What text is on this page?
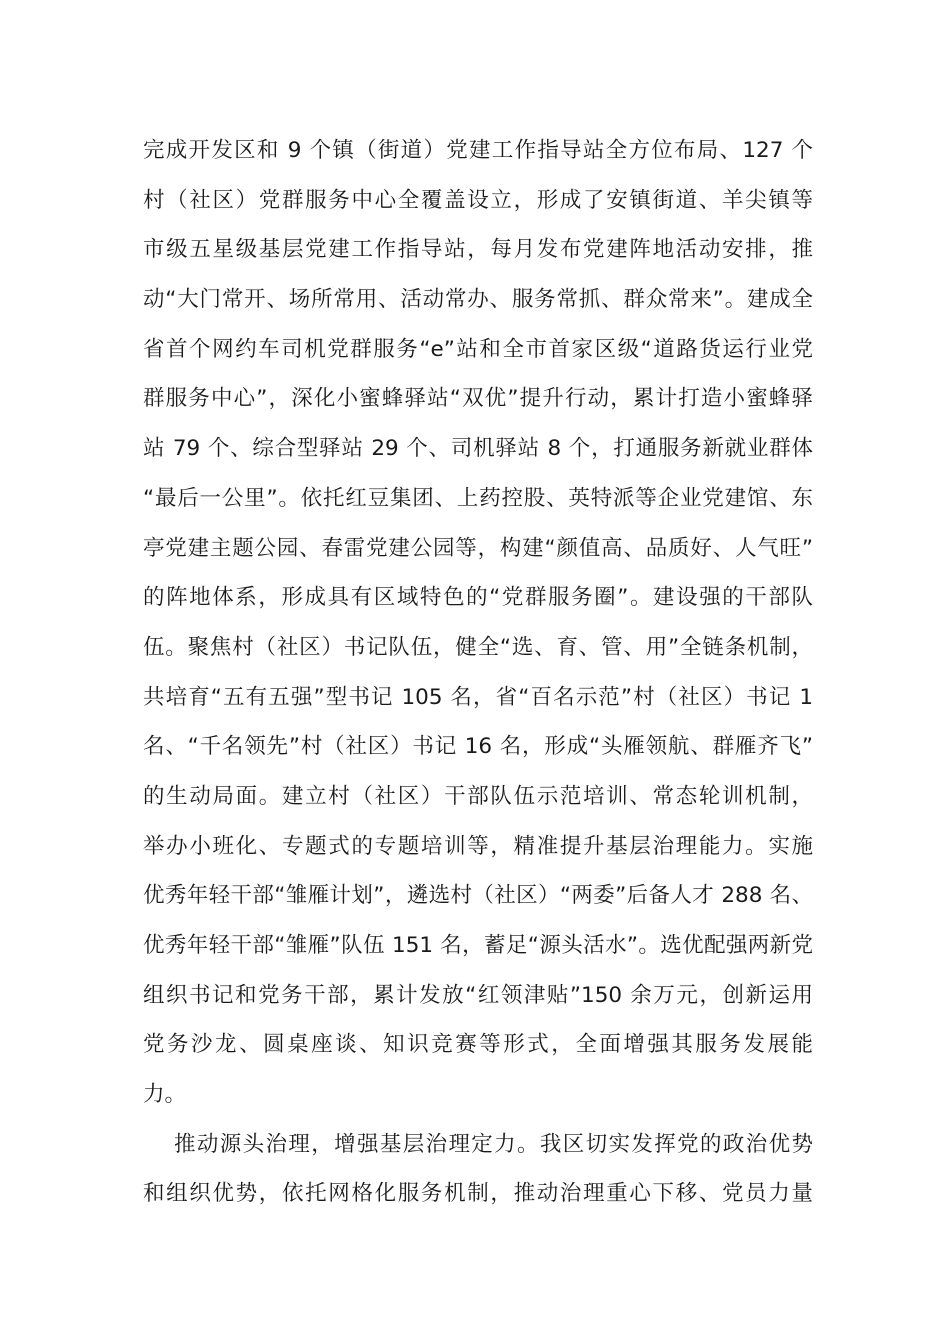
完成开发区和 9 个镇（街道）党建工作指导站全方位布局、127 个
村（社区）党群服务中心全覆盖设立，形成了安镇街道、羊尖镇等
市级五星级基层党建工作指导站，每月发布党建阵地活动安排，推
动“大门常开、场所常用、活动常办、服务常抓、群众常来”。建成全
省首个网约车司机党群服务“e”站和全市首家区级“道路货运行业党
群服务中心”，深化小蜜蜂驿站“双优”提升行动，累计打造小蜜蜂驿
站 79 个、综合型驿站 29 个、司机驿站 8 个，打通服务新就业群体
“最后一公里”。依托红豆集团、上药控股、英特派等企业党建馆、东
亭党建主题公园、春雷党建公园等，构建“颜值高、品质好、人气旺”
的阵地体系，形成具有区域特色的“党群服务圈”。建设强的干部队
伍。聚焦村（社区）书记队伍，健全“选、育、管、用”全链条机制，
共培育“五有五强”型书记 105 名，省“百名示范”村（社区）书记 1
名、“千名领先”村（社区）书记 16 名，形成“头雁领航、群雁齐飞”
的生动局面。建立村（社区）干部队伍示范培训、常态轮训机制，
举办小班化、专题式的专题培训等，精准提升基层治理能力。实施
优秀年轻干部“雏雁计划”，遴选村（社区）“两委”后备人才 288 名、
优秀年轻干部“雏雁”队伍 151 名，蓄足“源头活水”。选优配强两新党
组织书记和党务干部，累计发放“红领津贴”150 余万元，创新运用
党务沙龙、圆桌座谈、知识竞赛等形式，全面增强其服务发展能
力。
推动源头治理，增强基层治理定力。我区切实发挥党的政治优势
和组织优势，依托网格化服务机制，推动治理重心下移、党员力量
